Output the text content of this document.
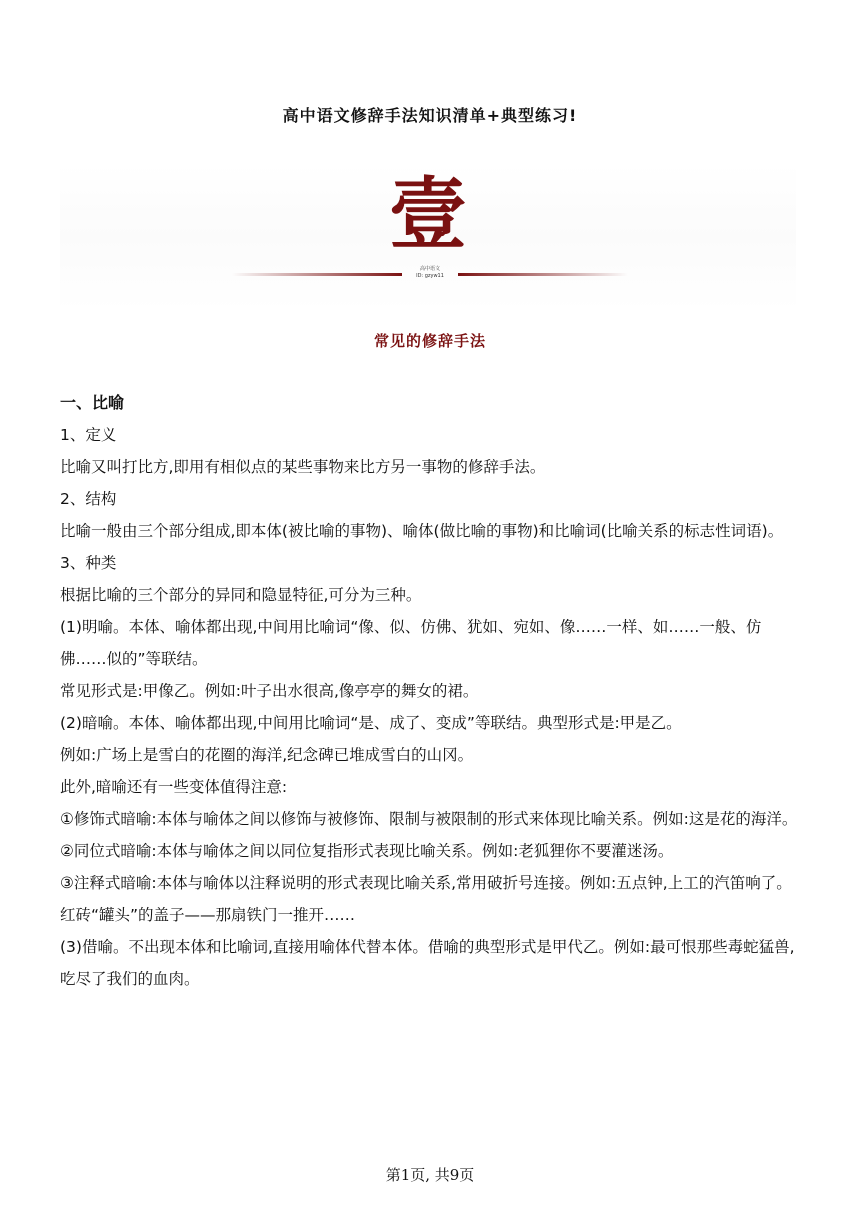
高中语文修辞手法知识清单+典型练习!
壹
高中语文
ID: gzyw11
常见的修辞手法

一、比喻

1、定义

比喻又叫打比方,即用有相似点的某些事物来比方另一事物的修辞手法。

2、结构

比喻一般由三个部分组成,即本体(被比喻的事物)、喻体(做比喻的事物)和比喻词(比喻关系的标志性词语)。

3、种类

根据比喻的三个部分的异同和隐显特征,可分为三种。

(1)明喻。本体、喻体都出现,中间用比喻词“像、似、仿佛、犹如、宛如、像……一样、如……一般、仿佛……似的”等联结。

常见形式是:甲像乙。例如:叶子出水很高,像亭亭的舞女的裙。

(2)暗喻。本体、喻体都出现,中间用比喻词“是、成了、变成”等联结。典型形式是:甲是乙。

例如:广场上是雪白的花圈的海洋,纪念碑已堆成雪白的山冈。

此外,暗喻还有一些变体值得注意:

①修饰式暗喻:本体与喻体之间以修饰与被修饰、限制与被限制的形式来体现比喻关系。例如:这是花的海洋。

②同位式暗喻:本体与喻体之间以同位复指形式表现比喻关系。例如:老狐狸你不要灌迷汤。

③注释式暗喻:本体与喻体以注释说明的形式表现比喻关系,常用破折号连接。例如:五点钟,上工的汽笛响了。红砖“罐头”的盖子——那扇铁门一推开……

(3)借喻。不出现本体和比喻词,直接用喻体代替本体。借喻的典型形式是甲代乙。例如:最可恨那些毒蛇猛兽,吃尽了我们的血肉。

第1页, 共9页
